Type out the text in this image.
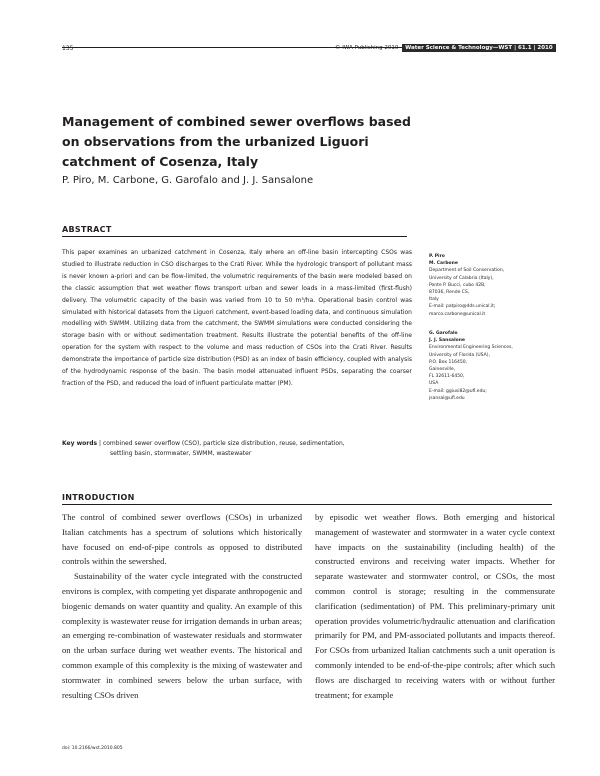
135	© IWA Publishing 2010 Water Science & Technology—WST | 61.1 | 2010
Management of combined sewer overflows based on observations from the urbanized Liguori catchment of Cosenza, Italy
P. Piro, M. Carbone, G. Garofalo and J. J. Sansalone
ABSTRACT
This paper examines an urbanized catchment in Cosenza, Italy where an off-line basin intercepting CSOs was studied to illustrate reduction in CSO discharges to the Crati River. While the hydrologic transport of pollutant mass is never known a-priori and can be flow-limited, the volumetric requirements of the basin were modeled based on the classic assumption that wet weather flows transport urban and sewer loads in a mass-limited (first-flush) delivery. The volumetric capacity of the basin was varied from 10 to 50 m³/ha. Operational basin control was simulated with historical datasets from the Liguori catchment, event-based loading data, and continuous simulation modelling with SWMM. Utilizing data from the catchment, the SWMM simulations were conducted considering the storage basin with or without sedimentation treatment. Results illustrate the potential benefits of the off-line operation for the system with respect to the volume and mass reduction of CSOs into the Crati River. Results demonstrate the importance of particle size distribution (PSD) as an index of basin efficiency, coupled with analysis of the hydrodynamic response of the basin. The basin model attenuated influent PSDs, separating the coarser fraction of the PSD, and reduced the load of influent particulate matter (PM).
Key words | combined sewer overflow (CSO), particle size distribution, reuse, sedimentation,
settling basin, stormwater, SWMM, wastewater
P. Piro
M. Carbone
Department of Soil Conservation,
University of Calabria (Italy),
Ponte P. Bucci, cubo 42B,
87036, Rende CS,
Italy
E-mail: patpiro@dds.unical.it;
marco.carbone@unical.it
G. Garofalo
J. J. Sansalone
Environmental Engineering Sciences,
University of Florida (USA),
P.O. Box 116450,
Gainesville,
FL 32611-6450,
USA
E-mail: ggiusi82@ufl.edu;
jsansal@ufl.edu
INTRODUCTION

The control of combined sewer overflows (CSOs) in urbanized Italian catchments has a spectrum of solutions which historically have focused on end-of-pipe controls as opposed to distributed controls within the sewershed.

Sustainability of the water cycle integrated with the constructed environs is complex, with competing yet disparate anthropogenic and biogenic demands on water quantity and quality. An example of this complexity is wastewater reuse for irrigation demands in urban areas; an emerging re-combination of wastewater residuals and stormwater on the urban surface during wet weather events. The historical and common example of this complexity is the mixing of wastewater and stormwater in combined sewers below the urban surface, with resulting CSOs driven

by episodic wet weather flows. Both emerging and historical management of wastewater and stormwater in a water cycle context have impacts on the sustainability (including health) of the constructed environs and receiving water impacts. Whether for separate wastewater and stormwater control, or CSOs, the most common control is storage; resulting in the commensurate clarification (sedimentation) of PM. This preliminary-primary unit operation provides volumetric/hydraulic attenuation and clarification primarily for PM, and PM-associated pollutants and impacts thereof. For CSOs from urbanized Italian catchments such a unit operation is commonly intended to be end-of-the-pipe controls; after which such flows are discharged to receiving waters with or without further treatment; for example

doi: 10.2166/wst.2010.805
